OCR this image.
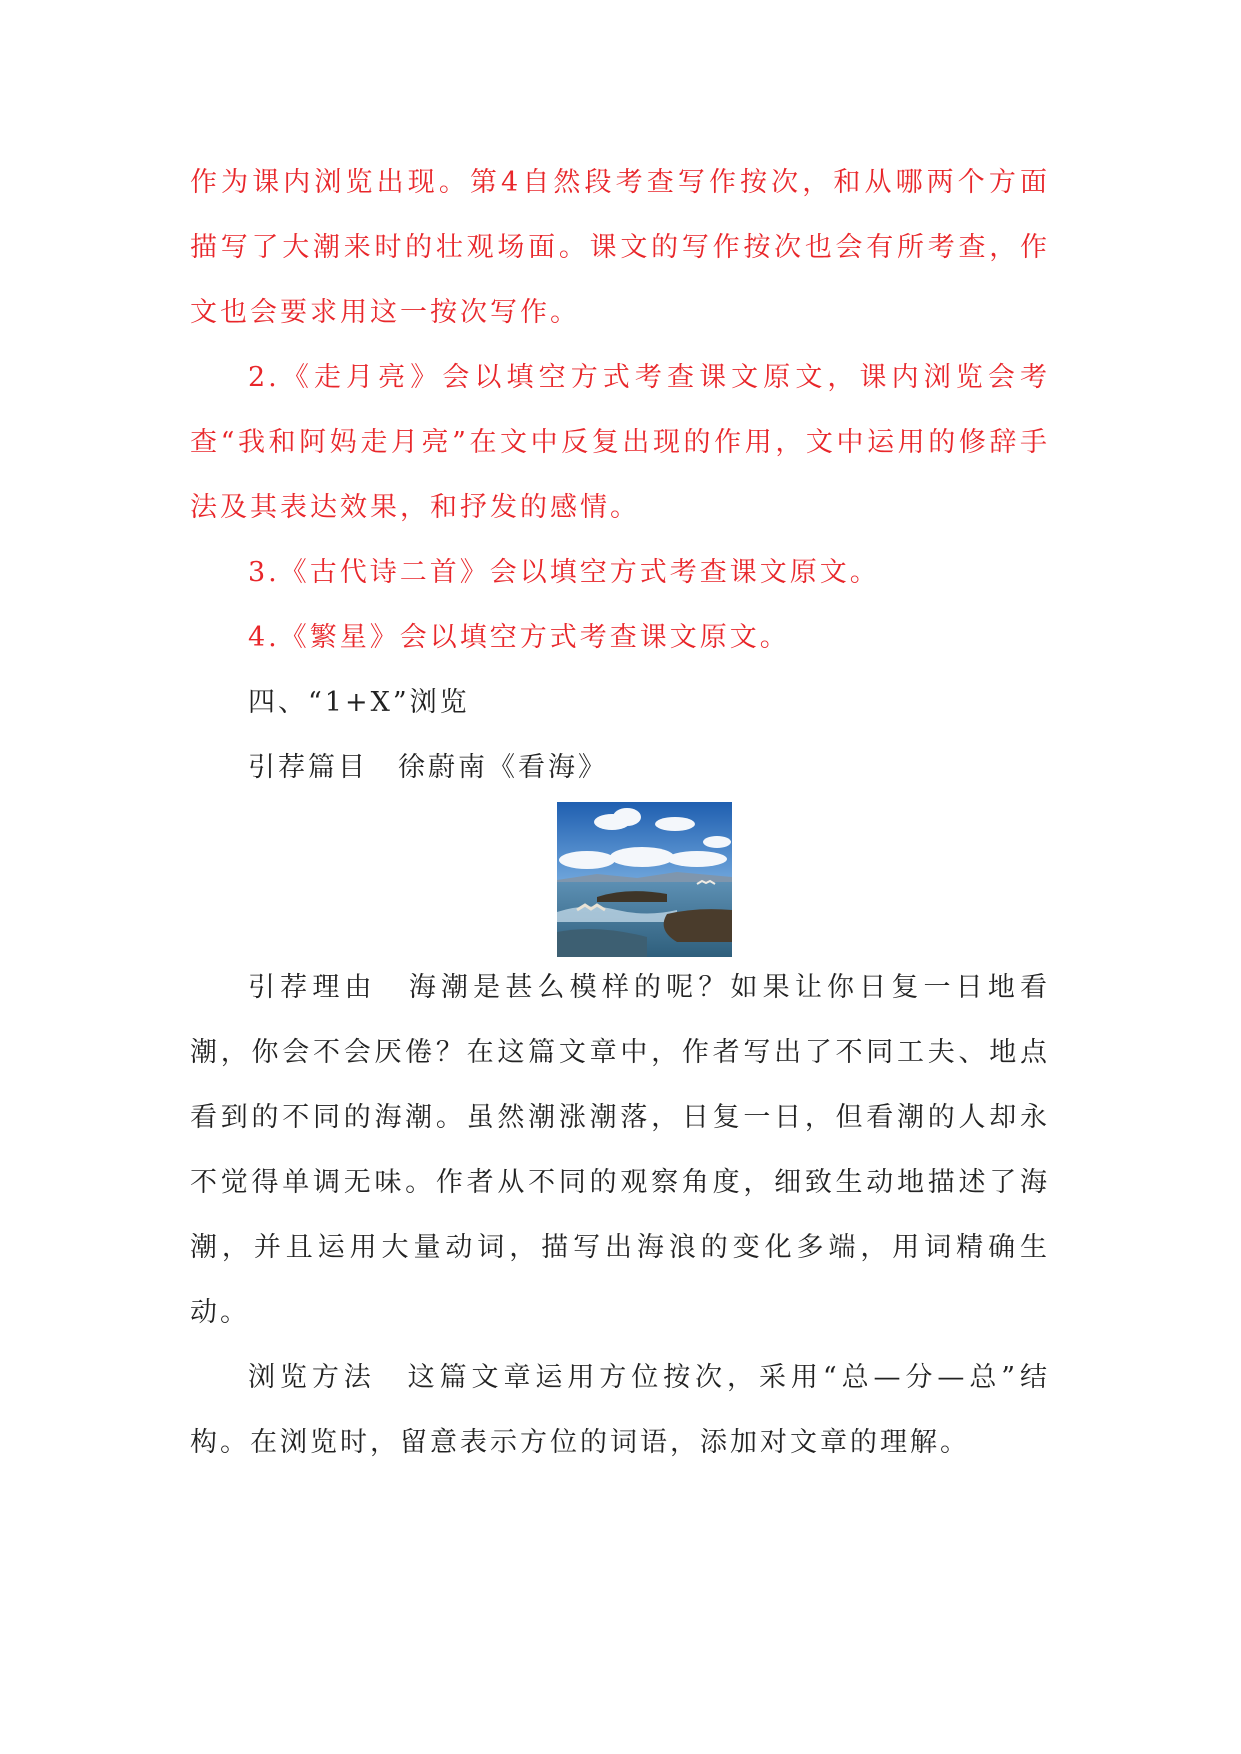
作为课内浏览出现。第4自然段考查写作按次，和从哪两个方面描写了大潮来时的壮观场面。课文的写作按次也会有所考查，作文也会要求用这一按次写作。

2.《走月亮》会以填空方式考查课文原文，课内浏览会考查“我和阿妈走月亮”在文中反复出现的作用，文中运用的修辞手法及其表达效果，和抒发的感情。

3.《古代诗二首》会以填空方式考查课文原文。

4.《繁星》会以填空方式考查课文原文。

四、“1+X”浏览

引荐篇目　徐蔚南《看海》

引荐理由　海潮是甚么模样的呢？如果让你日复一日地看潮，你会不会厌倦？在这篇文章中，作者写出了不同工夫、地点看到的不同的海潮。虽然潮涨潮落，日复一日，但看潮的人却永不觉得单调无味。作者从不同的观察角度，细致生动地描述了海潮，并且运用大量动词，描写出海浪的变化多端，用词精确生动。

浏览方法　这篇文章运用方位按次，采用“总—分—总”结构。在浏览时，留意表示方位的词语，添加对文章的理解。
